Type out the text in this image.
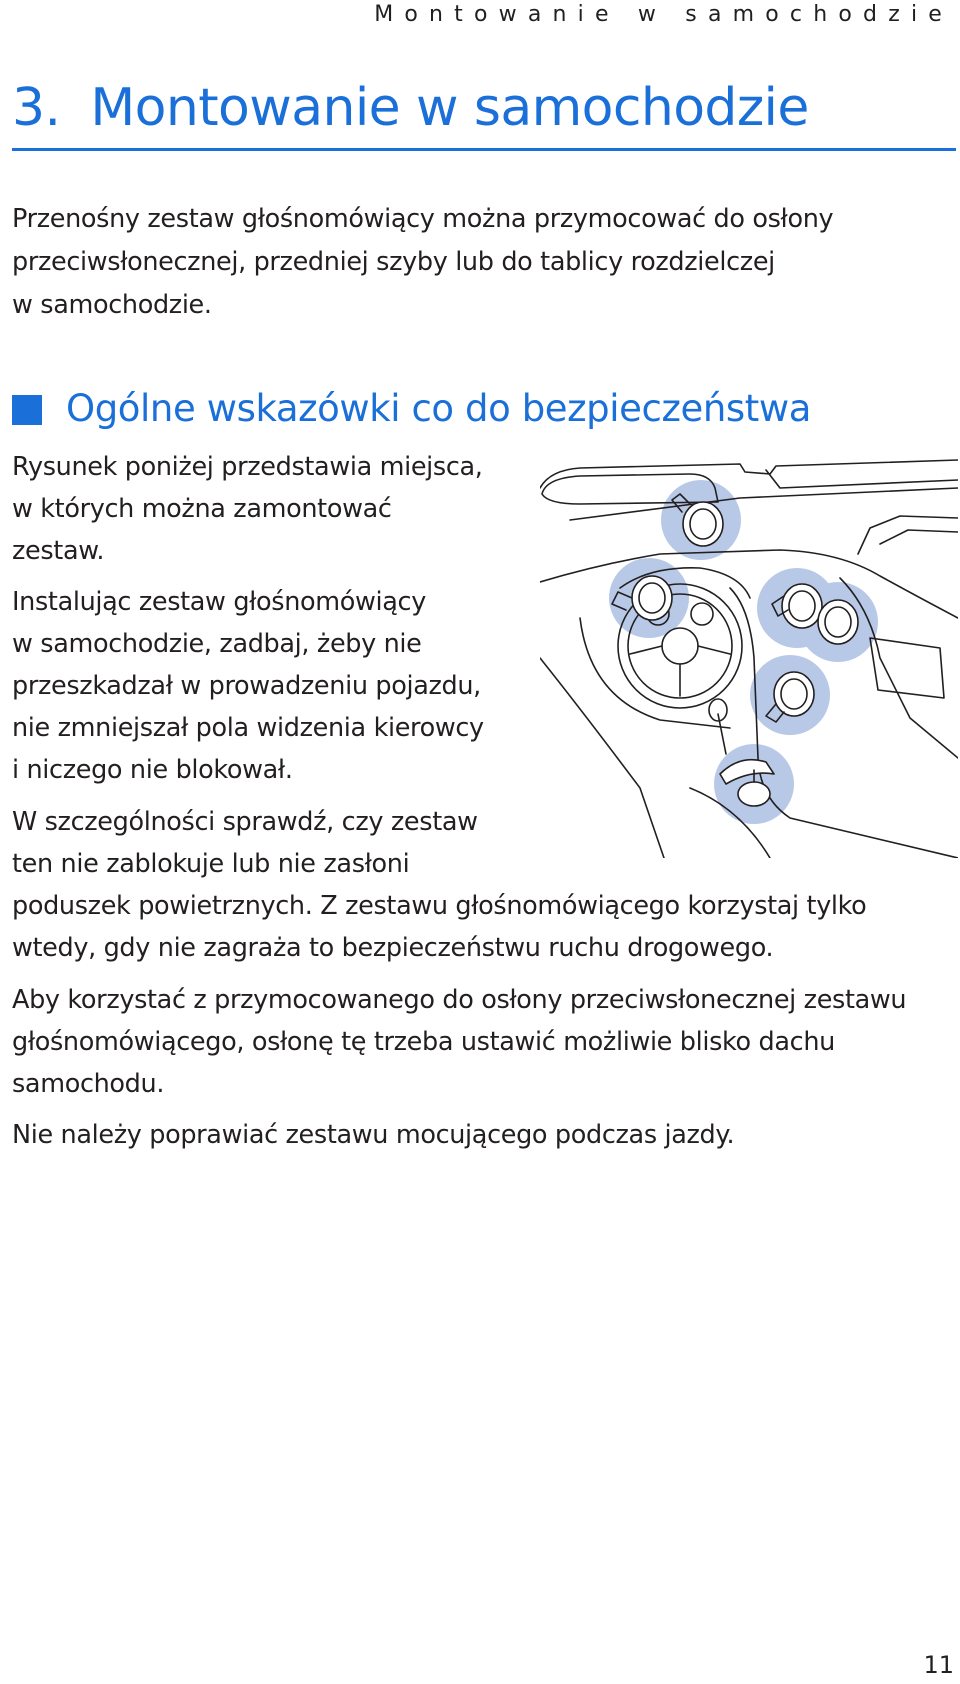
Montowanie w samochodzie
3. Montowanie w samochodzie

Przenośny zestaw głośnomówiący można przymocować do osłony

przeciwsłonecznej, przedniej szyby lub do tablicy rozdzielczej

w samochodzie.

Ogólne wskazówki co do bezpieczeństwa

Rysunek poniżej przedstawia miejsca,

w których można zamontować

zestaw.

Instalując zestaw głośnomówiący

w samochodzie, zadbaj, żeby nie

przeszkadzał w prowadzeniu pojazdu,

nie zmniejszał pola widzenia kierowcy

i niczego nie blokował.

W szczególności sprawdź, czy zestaw

ten nie zablokuje lub nie zasłoni

poduszek powietrznych. Z zestawu głośnomówiącego korzystaj tylko

wtedy, gdy nie zagraża to bezpieczeństwu ruchu drogowego.

Aby korzystać z przymocowanego do osłony przeciwsłonecznej zestawu

głośnomówiącego, osłonę tę trzeba ustawić możliwie blisko dachu

samochodu.

Nie należy poprawiać zestawu mocującego podczas jazdy.

11
